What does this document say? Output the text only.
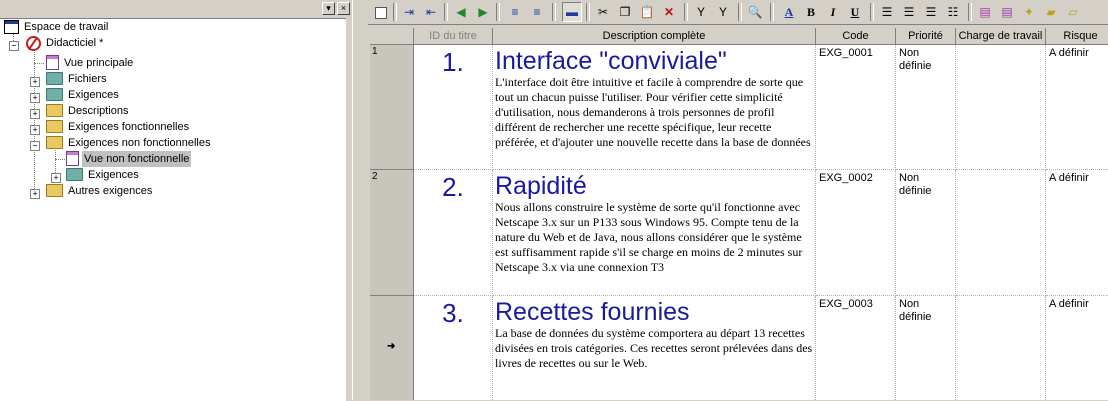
▾	×
Espace de travail
−	Didacticiel *
Vue principale
+	Fichiers
+	Exigences
+	Descriptions
+	Exigences fonctionnelles
−	Exigences non fonctionnelles
Vue non fonctionnelle
+	Exigences
+	Autres exigences
⇥ ⇤	◀	▶	≡	≡	▬	✂ ❐ 📋 ✕	Y	Y	🔍	A	B	I	U	☰ ☰ ☰ ☷	▤ ▤ ✦	▰	▱
ID du titre	Description complète	Code	Priorité	Charge de travail	Risque
1	1.	Interface "conviviale"
L'interface doit être intuitive et facile à comprendre de sorte que tout un chacun puisse l'utiliser. Pour vérifier cette simplicité d'utilisation, nous demanderons à trois personnes de profil différent de rechercher une recette spécifique, leur recette préférée, et d'ajouter une nouvelle recette dans la base de données
EXG_0001	Non définie
A définir
2	2.	Rapidité
Nous allons construire le système de sorte qu'il fonctionne avec Netscape 3.x sur un P133 sous Windows 95. Compte tenu de la nature du Web et de Java, nous allons considérer que le système est suffisamment rapide s'il se charge en moins de 2 minutes sur Netscape 3.x via une connexion T3
EXG_0002	Non définie
A définir
➜
3.	Recettes fournies
La base de données du système comportera au départ 13 recettes divisées en trois catégories. Ces recettes seront prélevées dans des livres de recettes ou sur le Web.
EXG_0003	Non définie
A définir
